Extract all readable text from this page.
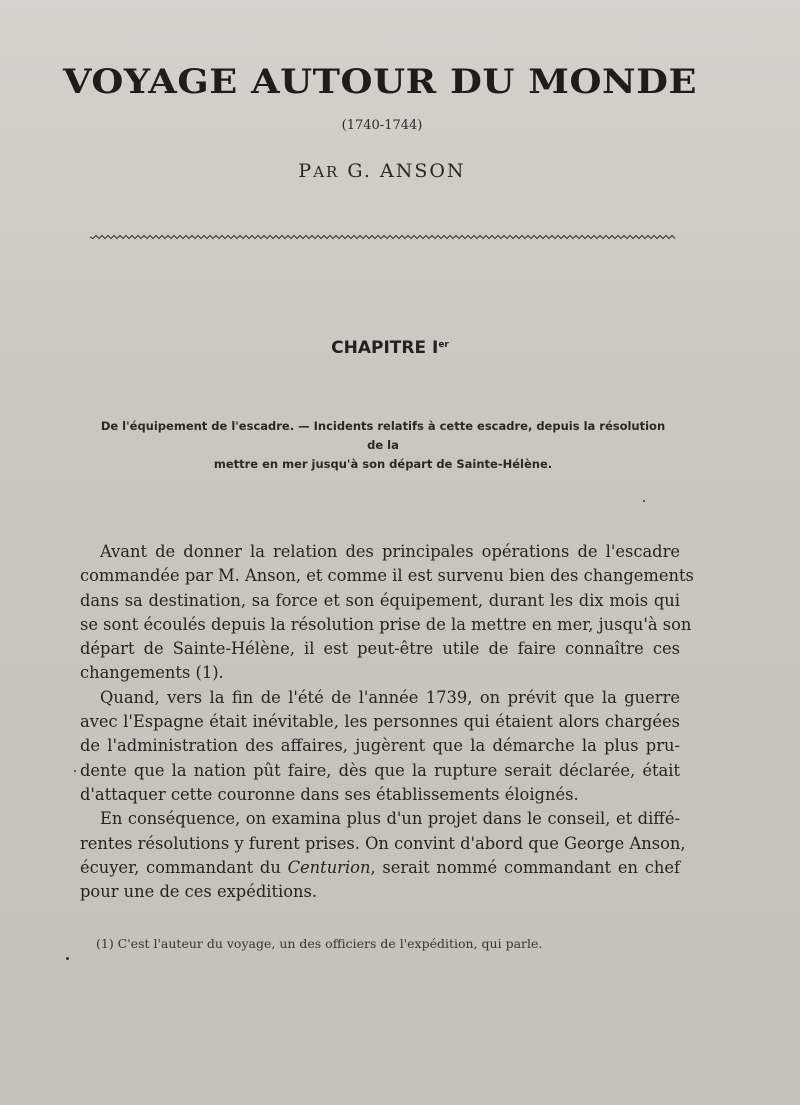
VOYAGE AUTOUR DU MONDE
(1740-1744)
PAR G. ANSON
CHAPITRE Ier
De l'équipement de l'escadre. — Incidents relatifs à cette escadre, depuis la résolution de la
mettre en mer jusqu'à son départ de Sainte-Hélène.
Avant de donner la relation des principales opérations de l'escadre
commandée par M. Anson, et comme il est survenu bien des changements
dans sa destination, sa force et son équipement, durant les dix mois qui
se sont écoulés depuis la résolution prise de la mettre en mer, jusqu'à son
départ de Sainte-Hélène, il est peut-être utile de faire connaître ces
changements (1).
Quand, vers la fin de l'été de l'année 1739, on prévit que la guerre
avec l'Espagne était inévitable, les personnes qui étaient alors chargées
de l'administration des affaires, jugèrent que la démarche la plus pru-
dente que la nation pût faire, dès que la rupture serait déclarée, était
d'attaquer cette couronne dans ses établissements éloignés.
En conséquence, on examina plus d'un projet dans le conseil, et diffé-
rentes résolutions y furent prises. On convint d'abord que George Anson,
écuyer, commandant du Centurion, serait nommé commandant en chef
pour une de ces expéditions.
(1) C'est l'auteur du voyage, un des officiers de l'expédition, qui parle.
